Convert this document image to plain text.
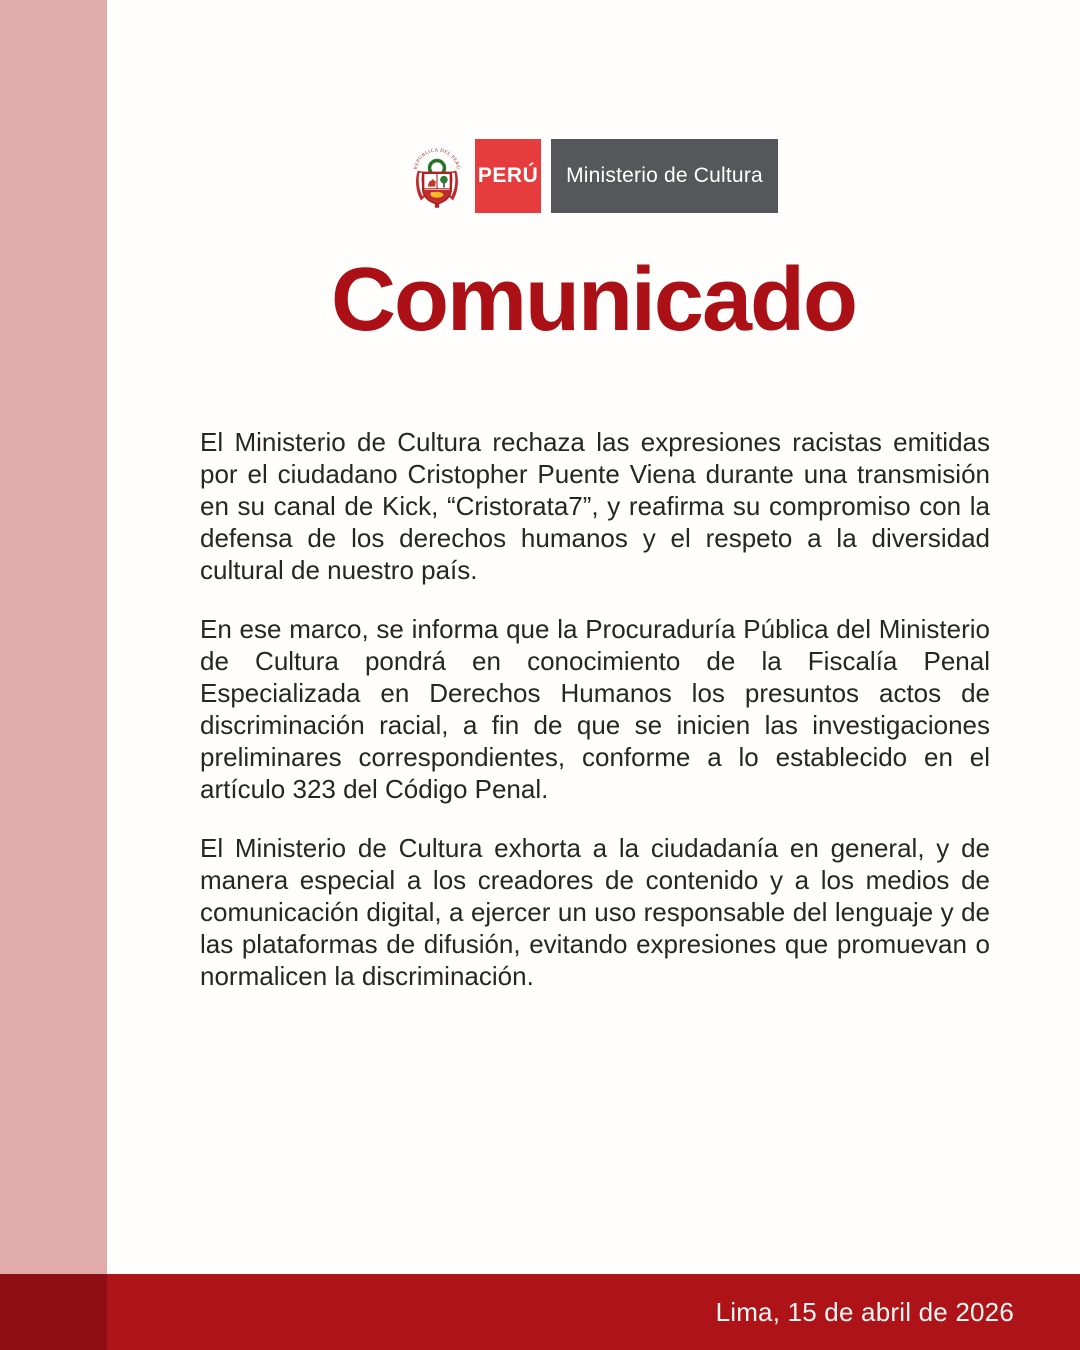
REPÚBLICA DEL PERÚ PERÚ	Ministerio de Cultura
Comunicado

El Ministerio de Cultura rechaza las expresiones racistas emitidas por el ciudadano Cristopher Puente Viena durante una transmisión en su canal de Kick, “Cristorata7”, y reafirma su compromiso con la defensa de los derechos humanos y el respeto a la diversidad cultural de nuestro país.

En ese marco, se informa que la Procuraduría Pública del Ministerio de Cultura pondrá en conocimiento de la Fiscalía Penal Especializada en Derechos Humanos los presuntos actos de discriminación racial, a fin de que se inicien las investigaciones preliminares correspondientes, conforme a lo establecido en el artículo 323 del Código Penal.

El Ministerio de Cultura exhorta a la ciudadanía en general, y de manera especial a los creadores de contenido y a los medios de comunicación digital, a ejercer un uso responsable del lenguaje y de las plataformas de difusión, evitando expresiones que promuevan o normalicen la discriminación.

Lima, 15 de abril de 2026
